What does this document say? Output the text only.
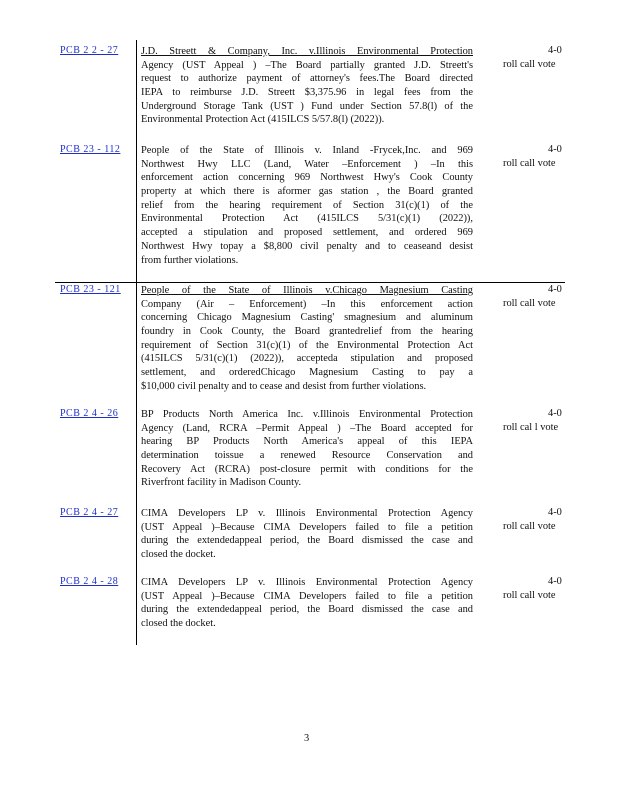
PCB 2 2 - 27 J.D. Streett & Company, Inc. v.Illinois Environmental Protection
Agency (UST Appeal ) –The Board partially granted J.D. Streett's
request to authorize payment of attorney's fees.The Board directed
IEPA to reimburse J.D. Streett $3,375.96 in legal fees from the
Underground Storage Tank (UST ) Fund under Section 57.8(l) of the
Environmental Protection Act (415ILCS 5/57.8(l) (2022)).
4-0
roll call vote
PCB 23 - 112 People of the State of Illinois v. Inland -Frycek,Inc. and 969
Northwest Hwy LLC (Land, Water –Enforcement ) –In this
enforcement action concerning 969 Northwest Hwy's Cook County
property at which there is aformer gas station , the Board granted
relief from the hearing requirement of Section 31(c)(1) of the
Environmental Protection Act (415ILCS 5/31(c)(1) (2022)),
accepted a stipulation and proposed settlement, and ordered 969
Northwest Hwy topay a $8,800 civil penalty and to ceaseand desist
from further violations.
4-0
roll call vote
PCB 23 - 121 People of the State of Illinois v.Chicago Magnesium Casting
Company (Air – Enforcement) –In this enforcement action
concerning Chicago Magnesium Casting' smagnesium and aluminum
foundry in Cook County, the Board grantedrelief from the hearing
requirement of Section 31(c)(1) of the Environmental Protection Act
(415ILCS 5/31(c)(1) (2022)), accepteda stipulation and proposed
settlement, and orderedChicago Magnesium Casting to pay a
$10,000 civil penalty and to cease and desist from further violations.
4-0
roll call vote
PCB 2 4 - 26 BP Products North America Inc. v.Illinois Environmental Protection
Agency (Land, RCRA –Permit Appeal ) –The Board accepted for
hearing BP Products North America's appeal of this IEPA
determination toissue a renewed Resource Conservation and
Recovery Act (RCRA) post-closure permit with conditions for the
Riverfront facility in Madison County.
4-0
roll cal l vote
PCB 2 4 - 27 CIMA Developers LP v. Illinois Environmental Protection Agency
(UST Appeal )–Because CIMA Developers failed to file a petition
during the extendedappeal period, the Board dismissed the case and
closed the docket.
4-0
roll call vote
PCB 2 4 - 28 CIMA Developers LP v. Illinois Environmental Protection Agency
(UST Appeal )–Because CIMA Developers failed to file a petition
during the extendedappeal period, the Board dismissed the case and
closed the docket.
4-0
roll call vote
3
